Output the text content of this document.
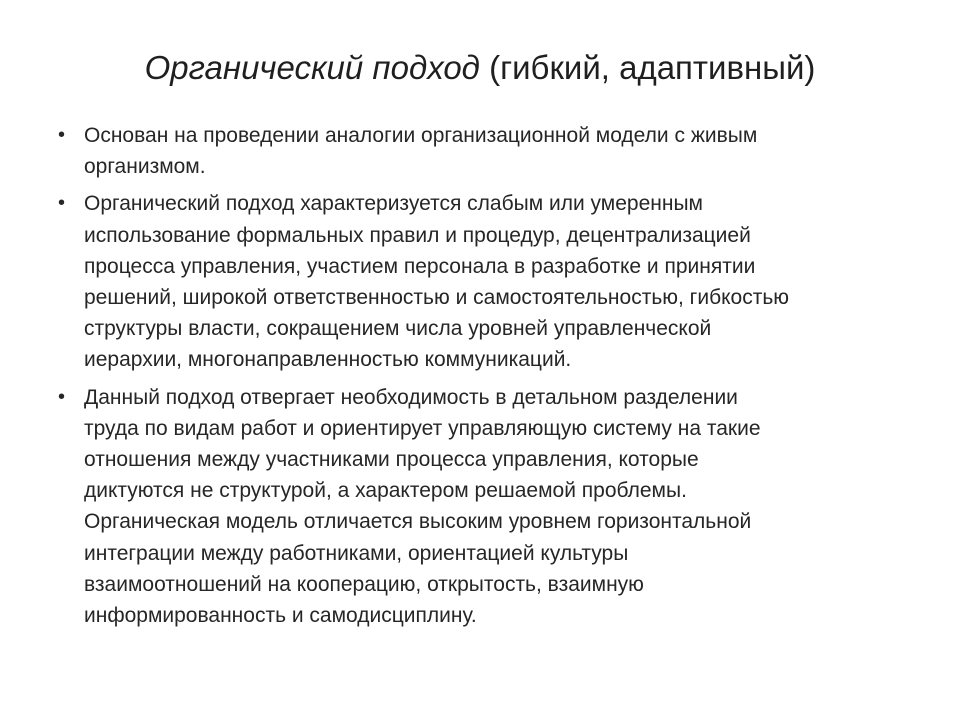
Органический подход (гибкий, адаптивный)
• Основан на проведении аналогии организационной модели с живым
организмом.
• Органический подход характеризуется слабым или умеренным
использование формальных правил и процедур, децентрализацией
процесса управления, участием персонала в разработке и принятии
решений, широкой ответственностью и самостоятельностью, гибкостью
структуры власти, сокращением числа уровней управленческой
иерархии, многонаправленностью коммуникаций.
• Данный подход отвергает необходимость в детальном разделении
труда по видам работ и ориентирует управляющую систему на такие
отношения между участниками процесса управления, которые
диктуются не структурой, а характером решаемой проблемы.
Органическая модель отличается высоким уровнем горизонтальной
интеграции между работниками, ориентацией культуры
взаимоотношений на кооперацию, открытость, взаимную
информированность и самодисциплину.
